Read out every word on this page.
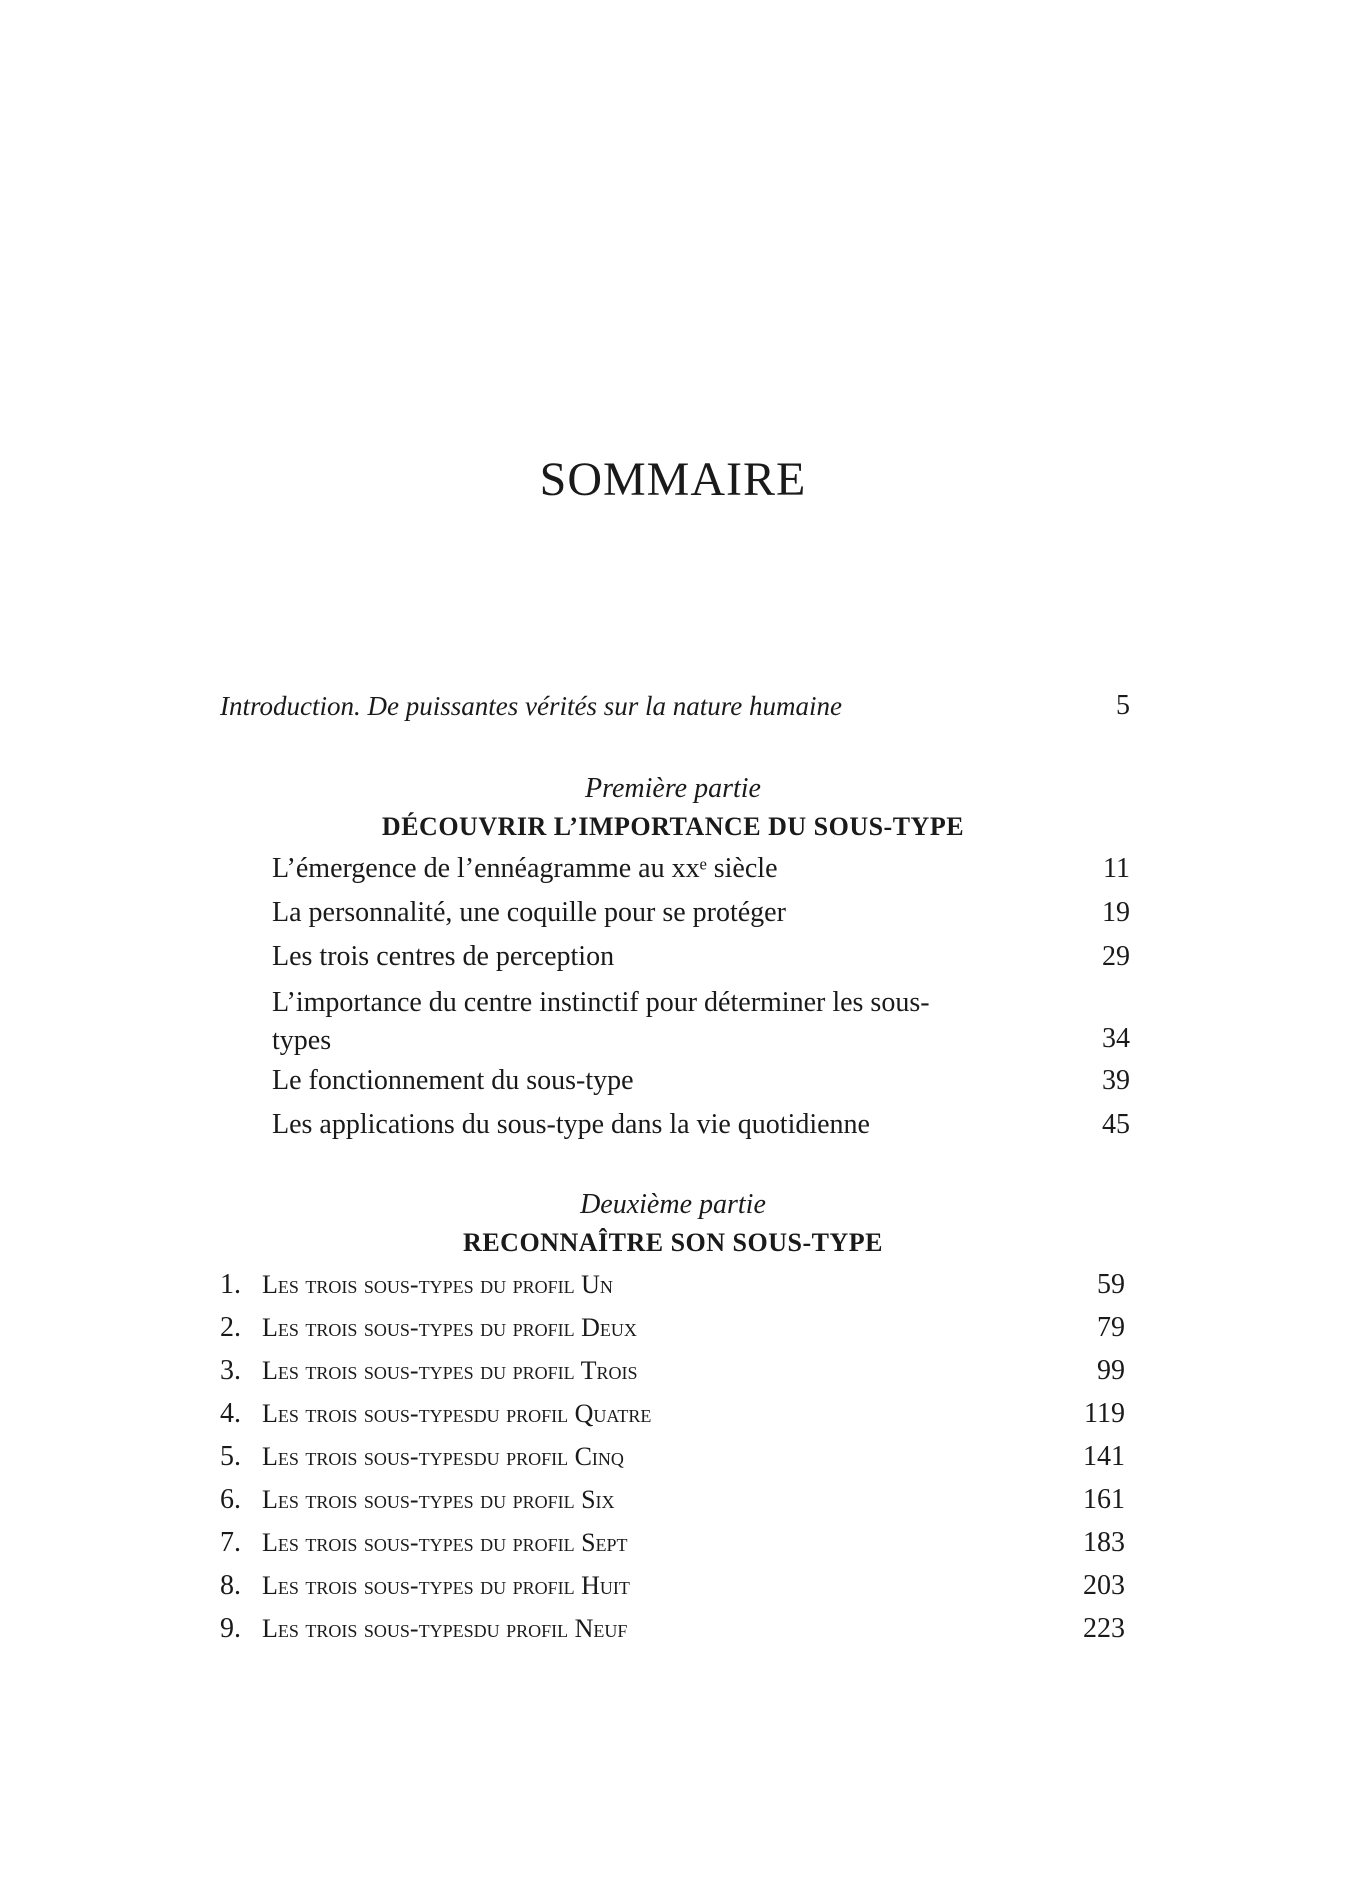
SOMMAIRE
Introduction. De puissantes vérités sur la nature humaine	5
Première partie
DÉCOUVRIR L’IMPORTANCE DU SOUS-TYPE
L’émergence de l’ennéagramme au xxᵉ siècle	11
La personnalité, une coquille pour se protéger	19
Les trois centres de perception	29
L’importance du centre instinctif pour déterminer les sous-types	34
Le fonctionnement du sous-type	39
Les applications du sous-type dans la vie quotidienne	45
Deuxième partie
RECONNAÎTRE SON SOUS-TYPE
1. Les trois sous-types du profil Un	59
2. Les trois sous-types du profil Deux	79
3. Les trois sous-types du profil Trois	99
4. Les trois sous-typesdu profil Quatre	119
5. Les trois sous-typesdu profil Cinq	141
6. Les trois sous-types du profil Six	161
7. Les trois sous-types du profil Sept	183
8. Les trois sous-types du profil Huit	203
9. Les trois sous-typesdu profil Neuf	223
